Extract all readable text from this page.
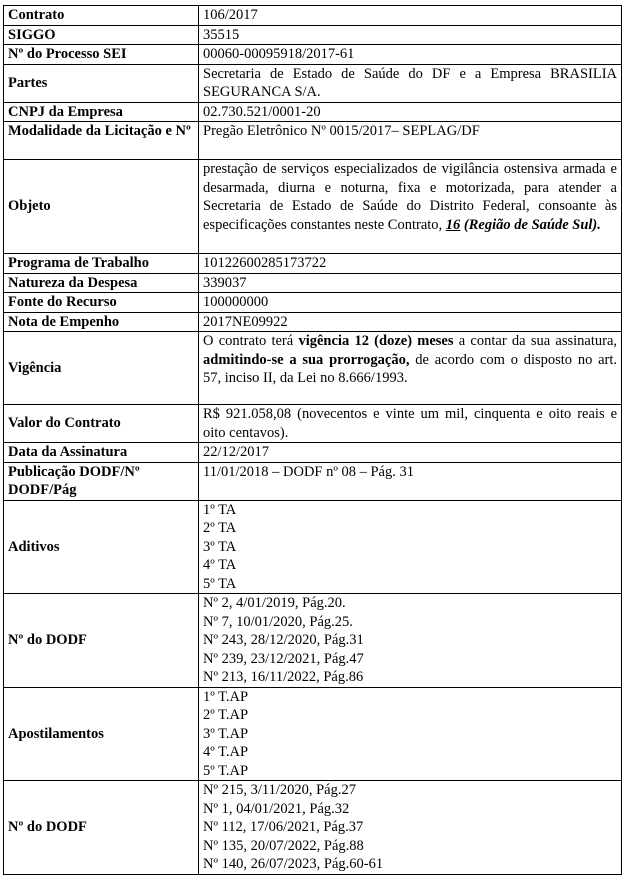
Contrato	106/2017
SIGGO	35515
Nº do Processo SEI	00060-00095918/2017-61
Partes	Secretaria de Estado de Saúde do DF e a Empresa BRASILIA SEGURANCA S/A.
CNPJ da Empresa	02.730.521/0001-20
Modalidade da Licitação e Nº	Pregão Eletrônico Nº 0015/2017– SEPLAG/DF
Objeto	prestação de serviços especializados de vigilância ostensiva armada e desarmada, diurna e noturna, fixa e motorizada, para atender a Secretaria de Estado de Saúde do Distrito Federal, consoante às especificações constantes neste Contrato, 16 (Região de Saúde Sul).
Programa de Trabalho	10122600285173722
Natureza da Despesa	339037
Fonte do Recurso	100000000
Nota de Empenho	2017NE09922
Vigência	O contrato terá vigência 12 (doze) meses a contar da sua assinatura, admitindo-se a sua prorrogação, de acordo com o disposto no art. 57, inciso II, da Lei no 8.666/1993.
Valor do Contrato	R$ 921.058,08 (novecentos e vinte um mil, cinquenta e oito reais e oito centavos).
Data da Assinatura	22/12/2017
Publicação DODF/Nº DODF/Pág	11/01/2018 – DODF nº 08 – Pág. 31
Aditivos	1º TA
2º TA
3º TA
4º TA
5º TA

Nº do DODF	Nº 2, 4/01/2019, Pág.20.
Nº 7, 10/01/2020, Pág.25.
Nº 243, 28/12/2020, Pág.31
Nº 239, 23/12/2021, Pág.47
Nº 213, 16/11/2022, Pág.86

Apostilamentos	1º T.AP
2º T.AP
3º T.AP
4º T.AP
5º T.AP

Nº do DODF	Nº 215, 3/11/2020, Pág.27
Nº 1, 04/01/2021, Pág.32
Nº 112, 17/06/2021, Pág.37
Nº 135, 20/07/2022, Pág.88
Nº 140, 26/07/2023, Pág.60-61
